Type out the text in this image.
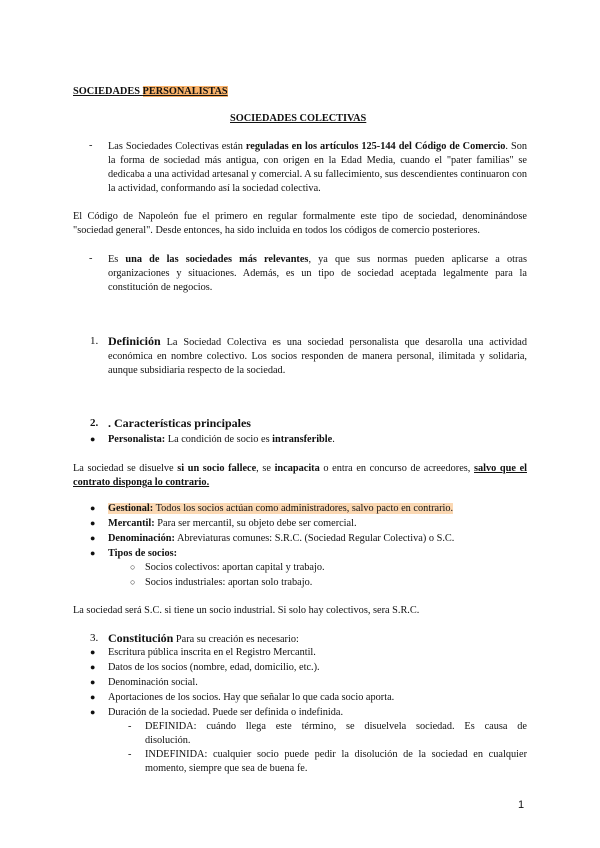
SOCIEDADES PERSONALISTAS
SOCIEDADES COLECTIVAS
- Las Sociedades Colectivas están reguladas en los artículos 125-144 del Código de Comercio. Son la forma de sociedad más antigua, con origen en la Edad Media, cuando el "pater familias" se dedicaba a una actividad artesanal y comercial. A su fallecimiento, sus descendientes continuaron con la actividad, conformando así la sociedad colectiva.
El Código de Napoleón fue el primero en regular formalmente este tipo de sociedad, denominándose "sociedad general". Desde entonces, ha sido incluida en todos los códigos de comercio posteriores.
- Es una de las sociedades más relevantes, ya que sus normas pueden aplicarse a otras organizaciones y situaciones. Además, es un tipo de sociedad aceptada legalmente para la constitución de negocios.
1. Definición La Sociedad Colectiva es una sociedad personalista que desarolla una actividad económica en nombre colectivo. Los socios responden de manera personal, ilimitada y solidaria, aunque subsidiaria respecto de la sociedad.
2. . Características principales
● Personalista: La condición de socio es intransferible.
La sociedad se disuelve si un socio fallece, se incapacita o entra en concurso de acreedores, salvo que el contrato disponga lo contrario.
● Gestional: Todos los socios actúan como administradores, salvo pacto en contrario.
● Mercantil: Para ser mercantil, su objeto debe ser comercial.
● Denominación: Abreviaturas comunes: S.R.C. (Sociedad Regular Colectiva) o S.C.
● Tipos de socios:
○ Socios colectivos: aportan capital y trabajo.
○ Socios industriales: aportan solo trabajo.
La sociedad será S.C. si tiene un socio industrial. Si solo hay colectivos, sera S.R.C.
3. Constitución Para su creación es necesario:
● Escritura pública inscrita en el Registro Mercantil.
● Datos de los socios (nombre, edad, domicilio, etc.).
● Denominación social.
● Aportaciones de los socios. Hay que señalar lo que cada socio aporta.
● Duración de la sociedad. Puede ser definida o indefinida.
- DEFINIDA: cuándo llega este término, se disuelvela sociedad. Es causa de
disolución.
- INDEFINIDA: cualquier socio puede pedir la disolución de la sociedad en cualquier
momento, siempre que sea de buena fe.
1
